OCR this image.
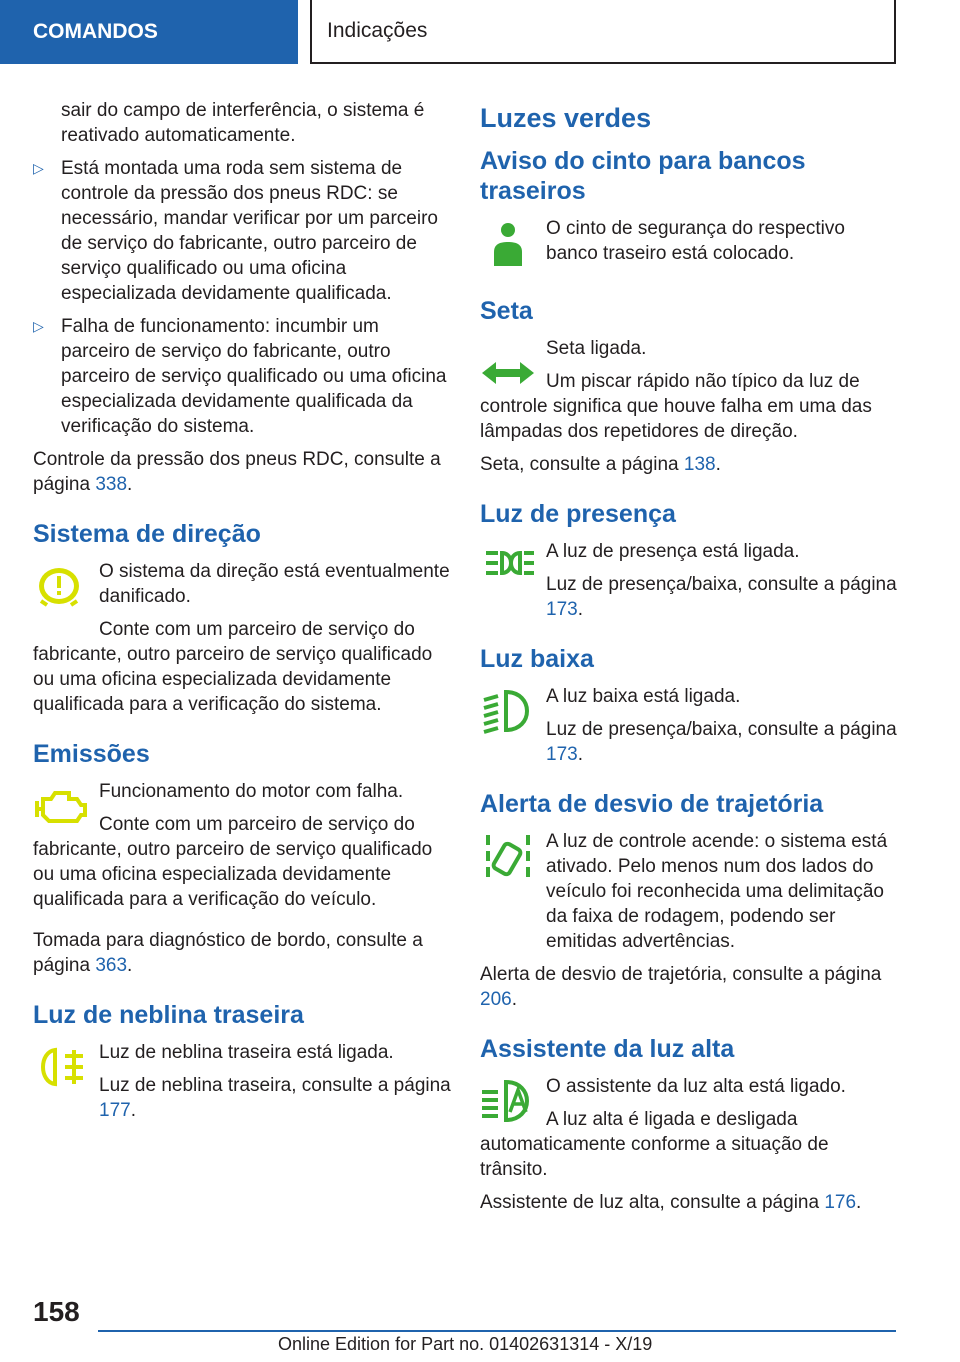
COMANDOS	Indicações

sair do campo de interferência, o sistema é reativado automaticamente.

▷ Está montada uma roda sem sistema de controle da pressão dos pneus RDC: se necessário, mandar verificar por um parceiro de serviço do fabricante, outro parceiro de serviço qualificado ou uma oficina especializada devidamente qualificada.
▷ Falha de funcionamento: incumbir um parceiro de serviço do fabricante, outro parceiro de serviço qualificado ou uma oficina especializada devidamente qualificada da verificação do sistema.

Controle da pressão dos pneus RDC, consulte a página 338.

Sistema de direção

O sistema da direção está eventualmente danificado.

Conte com um parceiro de serviço do fabricante, outro parceiro de serviço qualificado ou uma oficina especializada devidamente qualificada para a verificação do sistema.

Emissões

Funcionamento do motor com falha.

Conte com um parceiro de serviço do fabricante, outro parceiro de serviço qualificado ou uma oficina especializada devidamente qualificada para a verificação do veículo.

Tomada para diagnóstico de bordo, consulte a página 363.

Luz de neblina traseira

Luz de neblina traseira está ligada.

Luz de neblina traseira, consulte a página 177.

Luzes verdes
Aviso do cinto para bancos traseiros

O cinto de segurança do respectivo banco traseiro está colocado.

Seta

Seta ligada.

Um piscar rápido não típico da luz de controle significa que houve falha em uma das lâmpadas dos repetidores de direção.

Seta, consulte a página 138.

Luz de presença

A luz de presença está ligada.

Luz de presença/baixa, consulte a página 173.

Luz baixa

A luz baixa está ligada.

Luz de presença/baixa, consulte a página 173.

Alerta de desvio de trajetória

A luz de controle acende: o sistema está ativado. Pelo menos num dos lados do veículo foi reconhecida uma delimitação da faixa de rodagem, podendo ser emitidas advertências.

Alerta de desvio de trajetória, consulte a página 206.

Assistente da luz alta

O assistente da luz alta está ligado.

A luz alta é ligada e desligada automaticamente conforme a situação de trânsito.

Assistente de luz alta, consulte a página 176.

158
Online Edition for Part no. 01402631314 - X/19
